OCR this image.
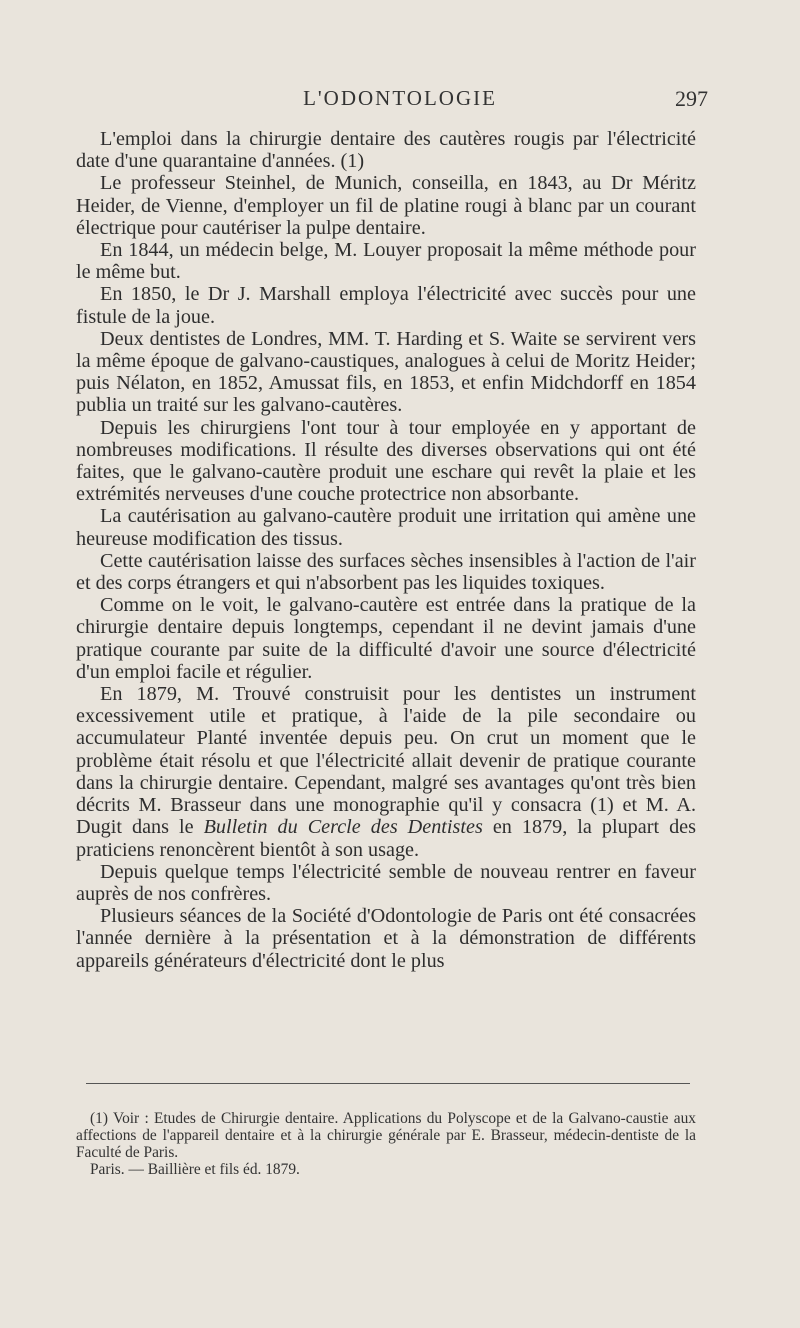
L'ODONTOLOGIE	297

L'emploi dans la chirurgie dentaire des cautères rougis par l'électricité date d'une quarantaine d'années. (1)

Le professeur Steinhel, de Munich, conseilla, en 1843, au Dr Méritz Heider, de Vienne, d'employer un fil de platine rougi à blanc par un courant électrique pour cautériser la pulpe dentaire.

En 1844, un médecin belge, M. Louyer proposait la même méthode pour le même but.

En 1850, le Dr J. Marshall employa l'électricité avec succès pour une fistule de la joue.

Deux dentistes de Londres, MM. T. Harding et S. Waite se servirent vers la même époque de galvano-caustiques, analogues à celui de Moritz Heider; puis Nélaton, en 1852, Amussat fils, en 1853, et enfin Midchdorff en 1854 publia un traité sur les galvano-cautères.

Depuis les chirurgiens l'ont tour à tour employée en y apportant de nombreuses modifications. Il résulte des diverses observations qui ont été faites, que le galvano-cautère produit une eschare qui revêt la plaie et les extrémités nerveuses d'une couche protectrice non absorbante.

La cautérisation au galvano-cautère produit une irritation qui amène une heureuse modification des tissus.

Cette cautérisation laisse des surfaces sèches insensibles à l'action de l'air et des corps étrangers et qui n'absorbent pas les liquides toxiques.

Comme on le voit, le galvano-cautère est entrée dans la pratique de la chirurgie dentaire depuis longtemps, cependant il ne devint jamais d'une pratique courante par suite de la difficulté d'avoir une source d'électricité d'un emploi facile et régulier.

En 1879, M. Trouvé construisit pour les dentistes un instrument excessivement utile et pratique, à l'aide de la pile secondaire ou accumulateur Planté inventée depuis peu. On crut un moment que le problème était résolu et que l'électricité allait devenir de pratique courante dans la chirurgie dentaire. Cependant, malgré ses avantages qu'ont très bien décrits M. Brasseur dans une monographie qu'il y consacra (1) et M. A. Dugit dans le Bulletin du Cercle des Dentistes en 1879, la plupart des praticiens renoncèrent bientôt à son usage.

Depuis quelque temps l'électricité semble de nouveau rentrer en faveur auprès de nos confrères.

Plusieurs séances de la Société d'Odontologie de Paris ont été consacrées l'année dernière à la présentation et à la démonstration de différents appareils générateurs d'électricité dont le plus

(1) Voir : Etudes de Chirurgie dentaire. Applications du Polyscope et de la Galvano-caustie aux affections de l'appareil dentaire et à la chirurgie générale par E. Brasseur, médecin-dentiste de la Faculté de Paris.

Paris. — Baillière et fils éd. 1879.
